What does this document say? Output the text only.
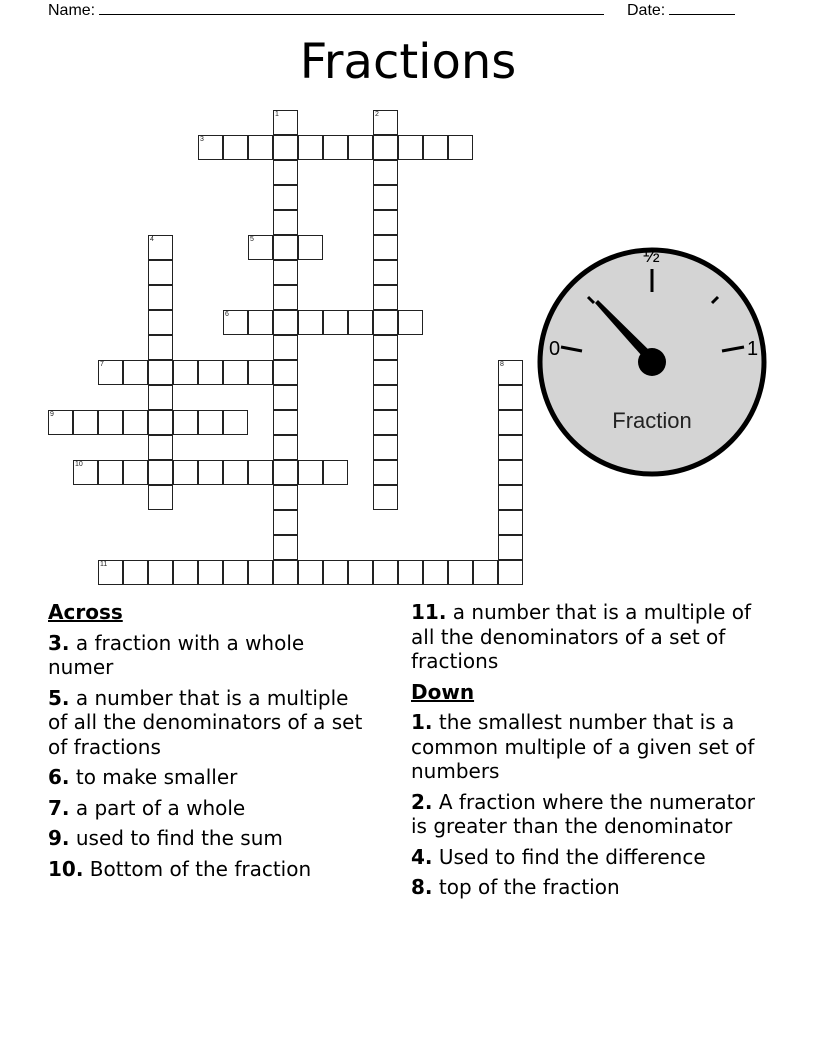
Name:	Date:
Fractions
1	2
3
4	5
6
7	8
9
10
11
0
½
1
Fraction
Across
3. a fraction with a whole numer
5. a number that is a multiple of all the denominators of a set of fractions
6. to make smaller
7. a part of a whole
9. used to find the sum
10. Bottom of the fraction
11. a number that is a multiple of all the denominators of a set of fractions
Down
1. the smallest number that is a common multiple of a given set of numbers
2. A fraction where the numerator is greater than the denominator
4. Used to find the difference
8. top of the fraction
